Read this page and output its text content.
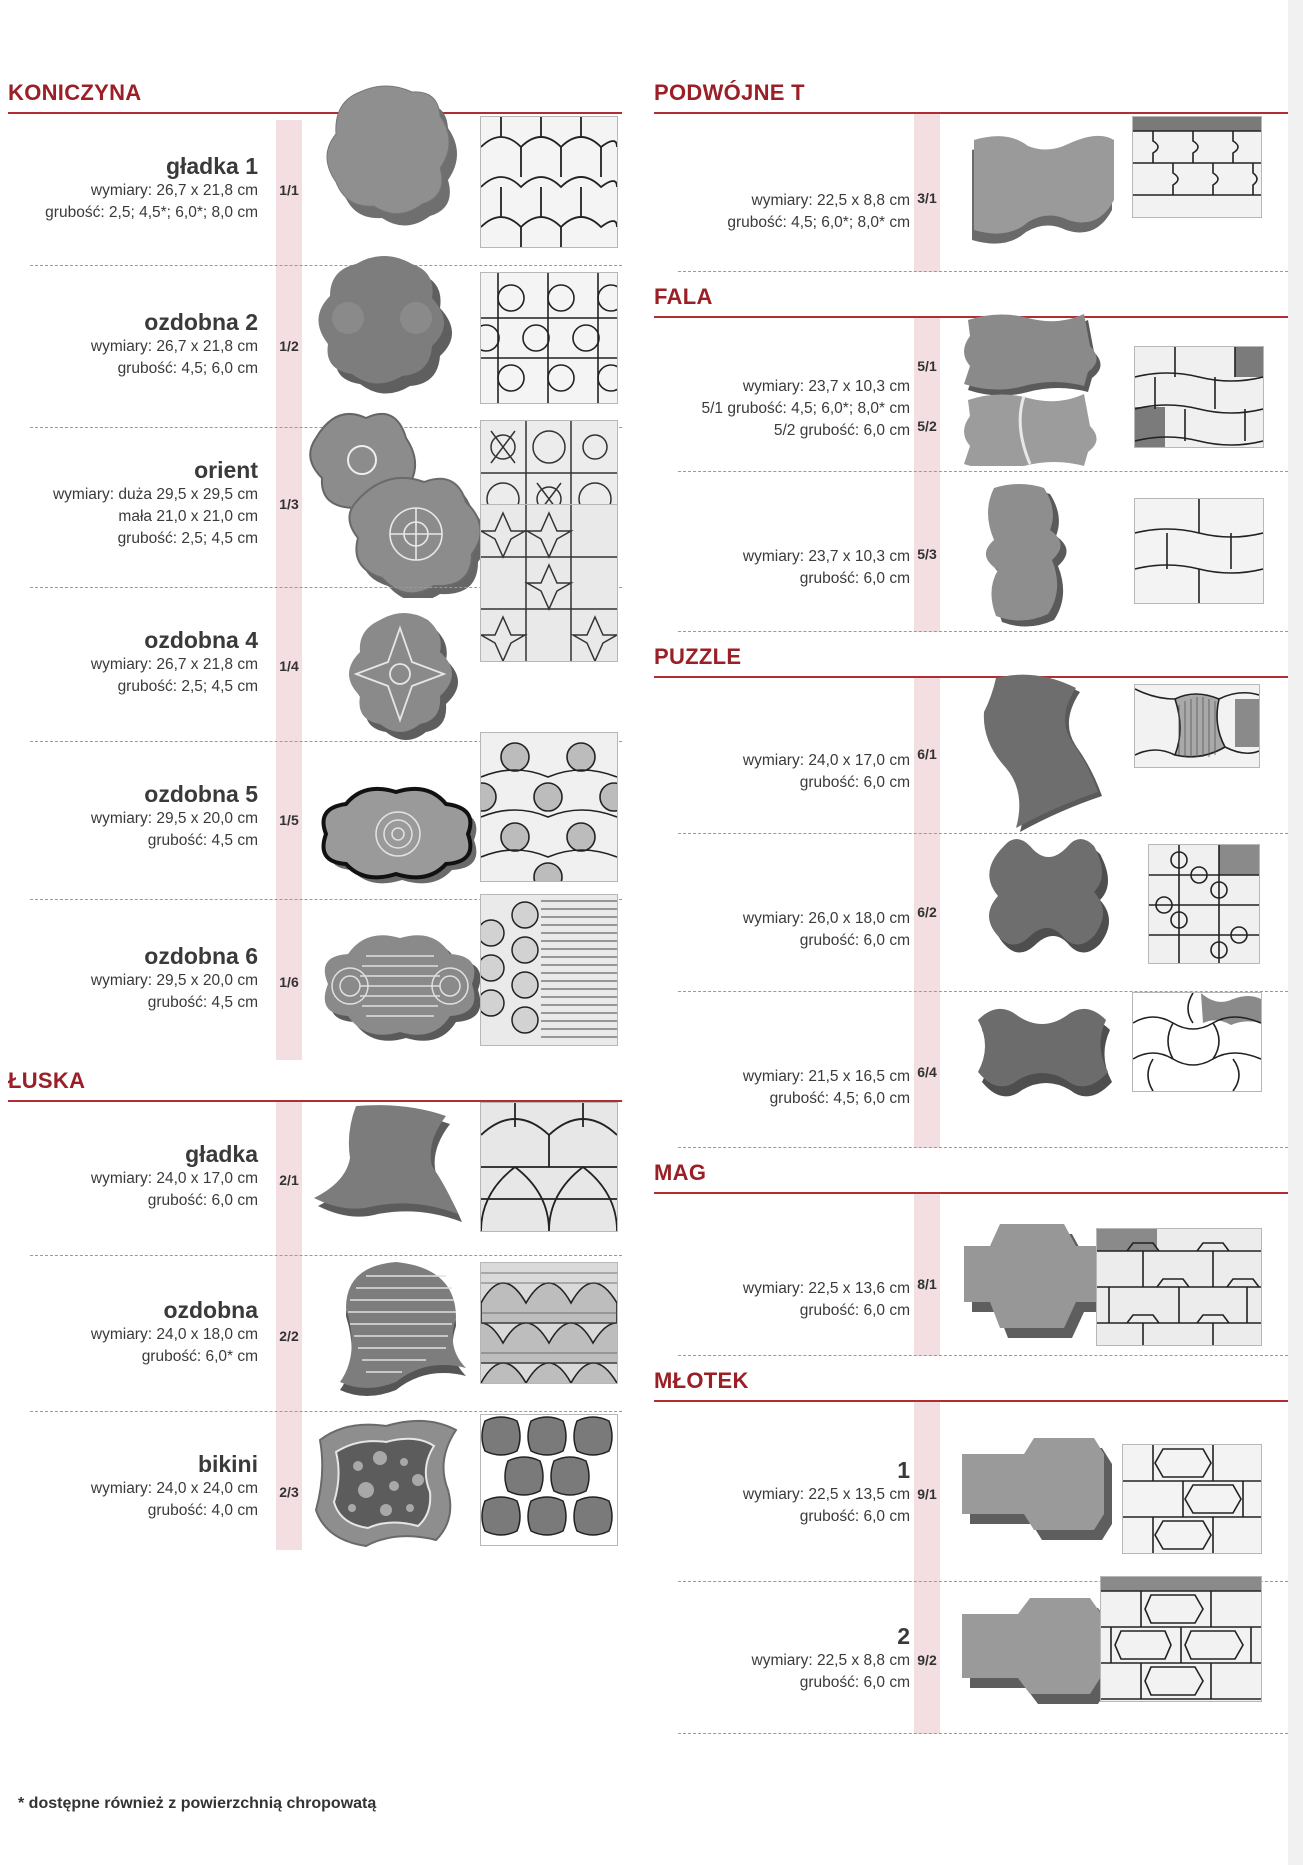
KONICZYNA
gładka 1
wymiary: 26,7 x 21,8 cm
grubość: 2,5; 4,5*; 6,0*; 8,0 cm
1/1
ozdobna 2
wymiary: 26,7 x 21,8 cm
grubość: 4,5; 6,0 cm
1/2
orient
wymiary: duża 29,5 x 29,5 cm
mała 21,0 x 21,0 cm
grubość: 2,5; 4,5 cm
1/3
ozdobna 4
wymiary: 26,7 x 21,8 cm
grubość: 2,5; 4,5 cm
1/4
ozdobna 5
wymiary: 29,5 x 20,0 cm
grubość: 4,5 cm
1/5
ozdobna 6
wymiary: 29,5 x 20,0 cm
grubość: 4,5 cm
1/6
ŁUSKA
gładka
wymiary: 24,0 x 17,0 cm
grubość: 6,0 cm
2/1
ozdobna
wymiary: 24,0 x 18,0 cm
grubość: 6,0* cm
2/2
bikini
wymiary: 24,0 x 24,0 cm
grubość: 4,0 cm
2/3
PODWÓJNE T
wymiary: 22,5 x 8,8 cm
grubość: 4,5; 6,0*; 8,0* cm
3/1
FALA
wymiary: 23,7 x 10,3 cm
5/1 grubość: 4,5; 6,0*; 8,0* cm
5/2 grubość: 6,0 cm
5/1
5/2
wymiary: 23,7 x 10,3 cm
grubość: 6,0 cm
5/3
PUZZLE
wymiary: 24,0 x 17,0 cm
grubość: 6,0 cm
6/1
wymiary: 26,0 x 18,0 cm
grubość: 6,0 cm
6/2
wymiary: 21,5 x 16,5 cm
grubość: 4,5; 6,0 cm
6/4
MAG
wymiary: 22,5 x 13,6 cm
grubość: 6,0 cm
8/1
MŁOTEK
1
wymiary: 22,5 x 13,5 cm
grubość: 6,0 cm
9/1
2
wymiary: 22,5 x 8,8 cm
grubość: 6,0 cm
9/2
* dostępne również z powierzchnią chropowatą
